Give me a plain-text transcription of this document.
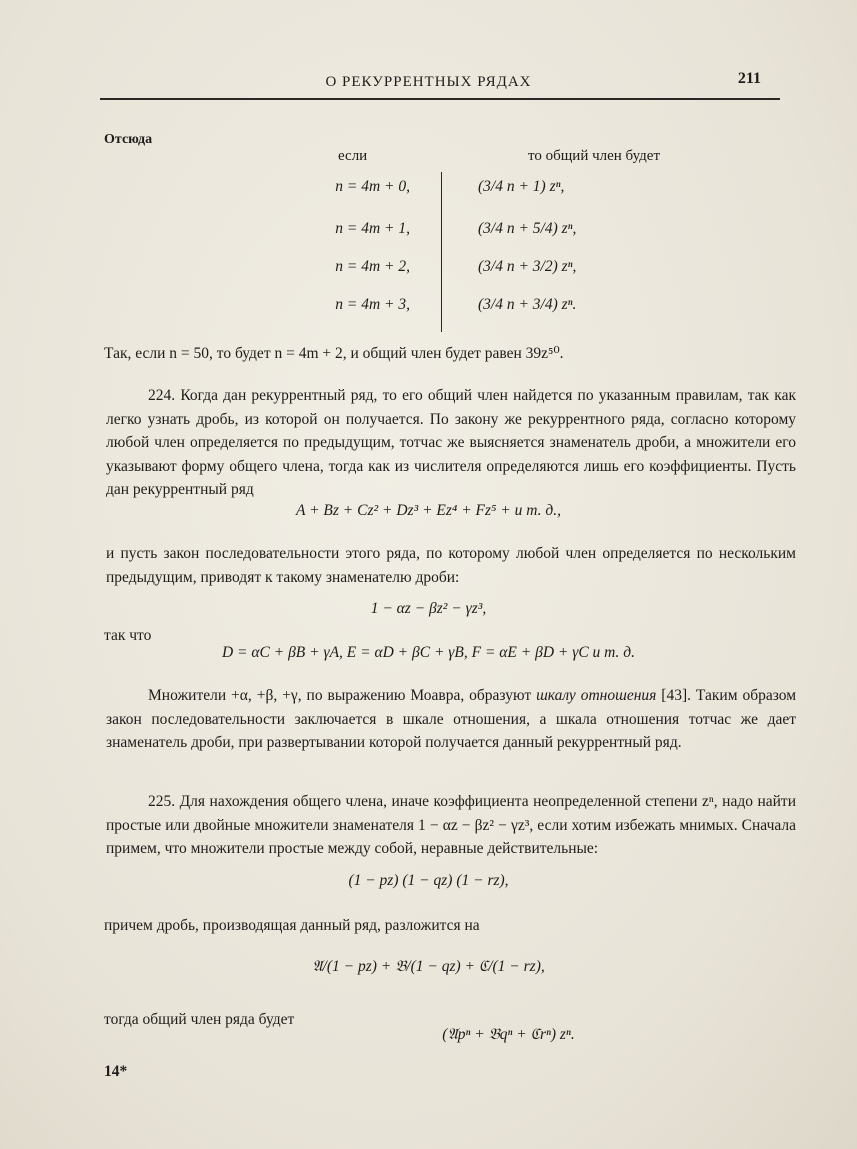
О РЕКУРРЕНТНЫХ РЯДАХ	211
Отсюда
если	то общий член будет
n = 4m + 0,	(3/4 n + 1) zⁿ,
n = 4m + 1,	(3/4 n + 5/4) zⁿ,
n = 4m + 2,	(3/4 n + 3/2) zⁿ,
n = 4m + 3,	(3/4 n + 3/4) zⁿ.
Так, если n = 50, то будет n = 4m + 2, и общий член будет равен 39z⁵⁰.
224. Когда дан рекуррентный ряд, то его общий член найдется по указанным правилам, так как легко узнать дробь, из которой он получается. По закону же рекуррентного ряда, согласно которому любой член определяется по предыдущим, тотчас же выясняется знаменатель дроби, а множители его указывают форму общего члена, тогда как из числителя определяются лишь его коэффициенты. Пусть дан рекуррентный ряд
A + Bz + Cz² + Dz³ + Ez⁴ + Fz⁵ + и т. д.,
и пусть закон последовательности этого ряда, по которому любой член определяется по нескольким предыдущим, приводят к такому знаменателю дроби:
1 − αz − βz² − γz³,
так что
D = αC + βB + γA, E = αD + βC + γB, F = αE + βD + γC и т. д.
Множители +α, +β, +γ, по выражению Моавра, образуют шкалу отношения [43]. Таким образом закон последовательности заключается в шкале отношения, а шкала отношения тотчас же дает знаменатель дроби, при развертывании которой получается данный рекуррентный ряд.
225. Для нахождения общего члена, иначе коэффициента неопределенной степени zⁿ, надо найти простые или двойные множители знаменателя 1 − αz − βz² − γz³, если хотим избежать мнимых. Сначала примем, что множители простые между собой, неравные действительные:
(1 − pz) (1 − qz) (1 − rz),
причем дробь, производящая данный ряд, разложится на
𝔄/(1 − pz) + 𝔅/(1 − qz) + ℭ/(1 − rz),
тогда общий член ряда будет
(𝔄pⁿ + 𝔅qⁿ + ℭrⁿ) zⁿ.
14*
